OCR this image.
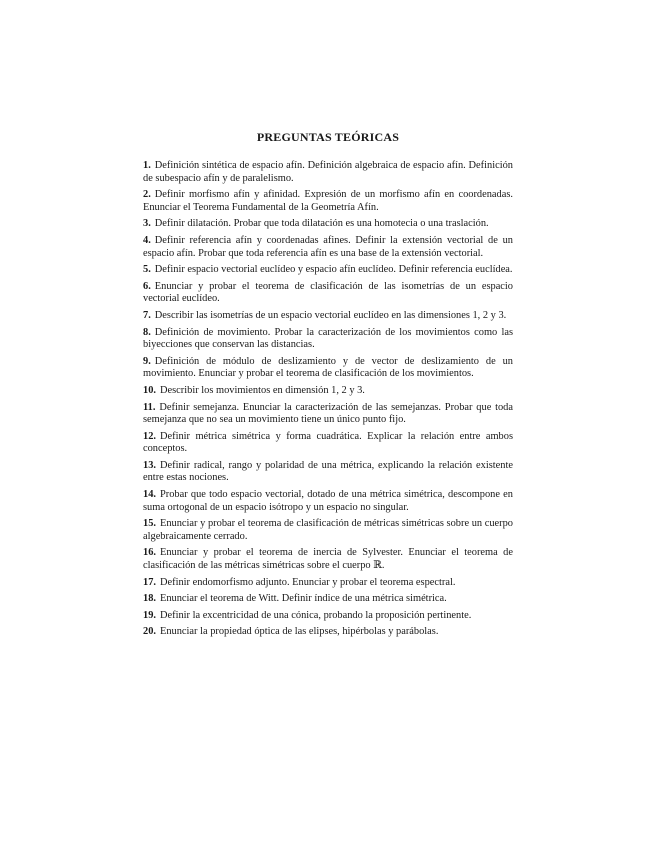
PREGUNTAS TEÓRICAS

1. Definición sintética de espacio afín. Definición algebraica de espacio afín. Definición de subespacio afín y de paralelismo.

2. Definir morfismo afín y afinidad. Expresión de un morfismo afín en coordenadas. Enunciar el Teorema Fundamental de la Geometría Afín.

3. Definir dilatación. Probar que toda dilatación es una homotecia o una traslación.

4. Definir referencia afín y coordenadas afines. Definir la extensión vectorial de un espacio afín. Probar que toda referencia afín es una base de la extensión vectorial.

5. Definir espacio vectorial euclídeo y espacio afín euclídeo. Definir referencia euclídea.

6. Enunciar y probar el teorema de clasificación de las isometrías de un espacio vectorial euclídeo.

7. Describir las isometrías de un espacio vectorial euclídeo en las dimensiones 1, 2 y 3.

8. Definición de movimiento. Probar la caracterización de los movimientos como las biyecciones que conservan las distancias.

9. Definición de módulo de deslizamiento y de vector de deslizamiento de un movimiento. Enunciar y probar el teorema de clasificación de los movimientos.

10. Describir los movimientos en dimensión 1, 2 y 3.

11. Definir semejanza. Enunciar la caracterización de las semejanzas. Probar que toda semejanza que no sea un movimiento tiene un único punto fijo.

12. Definir métrica simétrica y forma cuadrática. Explicar la relación entre ambos conceptos.

13. Definir radical, rango y polaridad de una métrica, explicando la relación existente entre estas nociones.

14. Probar que todo espacio vectorial, dotado de una métrica simétrica, descompone en suma ortogonal de un espacio isótropo y un espacio no singular.

15. Enunciar y probar el teorema de clasificación de métricas simétricas sobre un cuerpo algebraicamente cerrado.

16. Enunciar y probar el teorema de inercia de Sylvester. Enunciar el teorema de clasificación de las métricas simétricas sobre el cuerpo ℝ.

17. Definir endomorfismo adjunto. Enunciar y probar el teorema espectral.

18. Enunciar el teorema de Witt. Definir índice de una métrica simétrica.

19. Definir la excentricidad de una cónica, probando la proposición pertinente.

20. Enunciar la propiedad óptica de las elipses, hipérbolas y parábolas.
